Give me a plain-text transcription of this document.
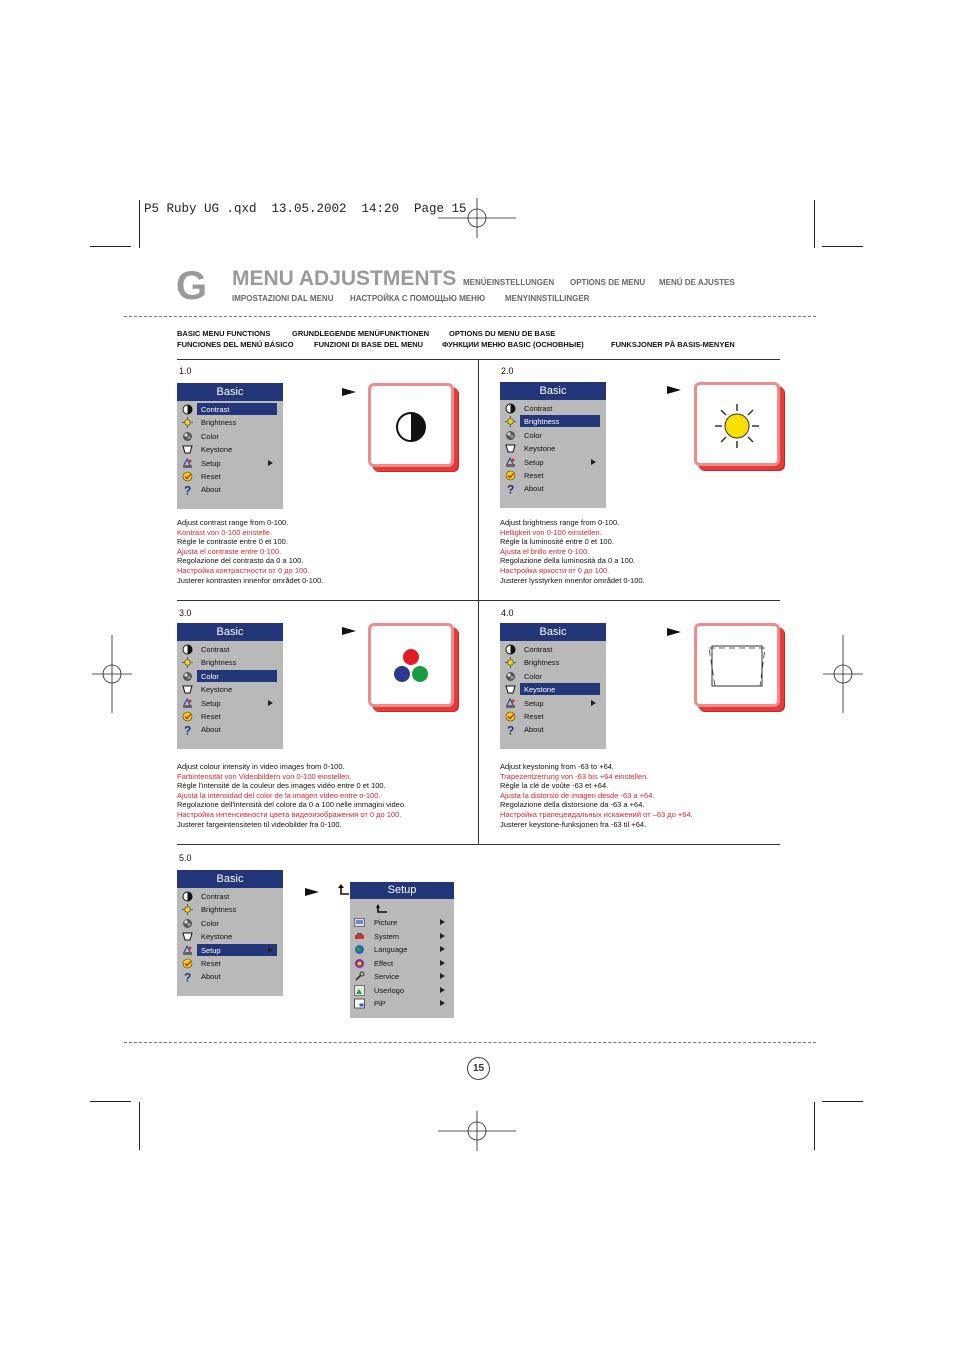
P5 Ruby UG .qxd  13.05.2002  14:20  Page 15
G MENU ADJUSTMENTS MENÜEINSTELLUNGEN OPTIONS DE MENU MENÚ DE AJUSTES
IMPOSTAZIONI DAL MENU НАСТРОЙКА С ПОМОЩЬЮ МЕНЮ MENYINNSTILLINGER
BASIC MENU FUNCTIONS	GRUNDLEGENDE MENÜFUNKTIONEN	OPTIONS DU MENU DE BASE
FUNCIONES DEL MENÚ BÁSICO	FUNZIONI DI BASE DEL MENU	ФУНКЦИИ МЕНЮ BASIC (ОСНОВНЫЕ)	FUNKSJONER PÅ BASIS-MENYEN
1.0	2.0
3.0	4.0
5.0
Basic
Contrast
Brightness
Color
Keystone
Setup
Reset
? About
Basic
Contrast
Brightness
Color
Keystone
Setup
Reset
? About
Basic
Contrast
Brightness
Color
Keystone
Setup
Reset
? About
Basic
Contrast
Brightness
Color
Keystone
Setup
Reset
? About
Basic
Contrast
Brightness
Color
Keystone
Setup
Reset
? About
Adjust contrast range from 0-100.
Kontrast von 0-100 einstelle.
Règle le contraste entre 0 et 100.
Ajusta el contraste entre 0-100.
Regolazione del contrasto da 0 a 100.
Настройка контрастности от 0 до 100.
Justerer kontrasten innenfor området 0-100.
Adjust brightness range from 0-100.
Helligkeit von 0-100 einstellen.
Règle la luminosité entre 0 et 100.
Ajusta el brillo entre 0-100.
Regolazione della luminosità da 0 a 100.
Настройка яркости от 0 до 100.
Justerer lysstyrken innenfor området 0-100.
Adjust colour intensity in video images from 0-100.
Farbintensität von Videobildern von 0-100 einstellen.
Règle l'intensité de la couleur des images vidéo entre 0 et 100.
Ajusta la intensidad del color de la imagen vídeo entre o-100.
Regolazione dell'intensità del colore da 0 a 100 nelle immagini video.
Настройка интенсивности цвета видеоизображения от 0 до 100.
Justerer fargeintensiteten til videobilder fra 0-100.
Adjust keystoning from -63 to +64.
Trapezentzerrung von -63 bis +64 einstellen.
Règle la clé de voûte -63 et +64.
Ajusta la distorsió de imagen desde -63 a +64.
Regolazione della distorsione da -63 a +64.
Настройка трапецеидальных искажений от –63 до +64.
Justerer keystone-funksjonen fra -63 til +64.
Setup
Picture
System
Language
Effect
Service
Userlogo
PiP
15
